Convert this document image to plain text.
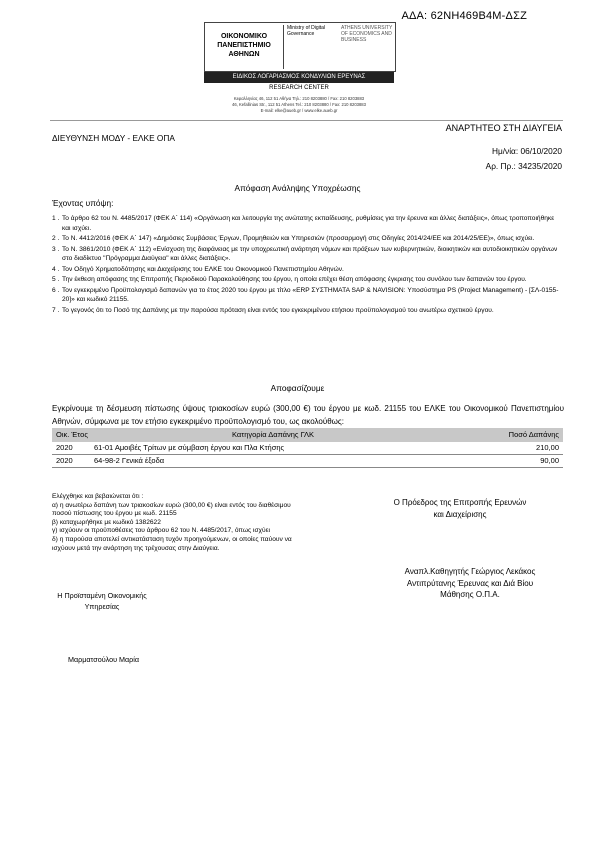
ΑΔΑ: 62ΝΗ469Β4Μ-ΔΣΖ
ΟΙΚΟΝΟΜΙΚΟ
ΠΑΝΕΠΙΣΤΗΜΙΟ
ΑΘΗΝΩΝ
Ministry of Digital Governance
ATHENS UNIVERSITY OF ECONOMICS AND BUSINESS
ΕΙΔΙΚΟΣ ΛΟΓΑΡΙΑΣΜΟΣ ΚΟΝΔΥΛΙΩΝ ΕΡΕΥΝΑΣ
RESEARCH CENTER
Κεφαλληνίας 46, 112 51 Αθήνα Τηλ.: 210 8203880 / Fax: 210 8203883
46, Kefallinias Str., 112 51 Athens Tel.: 210 8203880 / Fax: 210 8203883
E-mail: elke@aueb.gr / www.elke.aueb.gr
ΑΝΑΡΤΗΤΕΟ ΣΤΗ ΔΙΑΥΓΕΙΑ
ΔΙΕΥΘΥΝΣΗ ΜΟΔΥ - ΕΛΚΕ ΟΠΑ
Ημ/νία: 06/10/2020
Αρ. Πρ.: 34235/2020
Απόφαση Ανάληψης Υποχρέωσης
Έχοντας υπόψη:
1 . Το άρθρο 62 του Ν. 4485/2017 (ΦΕΚ Α΄ 114) «Οργάνωση και λειτουργία της ανώτατης εκπαίδευσης, ρυθμίσεις για την έρευνα και άλλες διατάξεις», όπως τροποποιήθηκε και ισχύει.
2 . Το Ν. 4412/2016 (ΦΕΚ Α΄ 147) «Δημόσιες Συμβάσεις Έργων, Προμηθειών και Υπηρεσιών (προσαρμογή στις Οδηγίες 2014/24/ΕΕ και 2014/25/ΕΕ)», όπως ισχύει.
3 . Το Ν. 3861/2010 (ΦΕΚ Α΄ 112) «Ενίσχυση της διαφάνειας με την υποχρεωτική ανάρτηση νόμων και πράξεων των κυβερνητικών, διοικητικών και αυτοδιοικητικών οργάνων στο διαδίκτυο "Πρόγραμμα Διαύγεια" και άλλες διατάξεις».
4 . Τον Οδηγό Χρηματοδότησης και Διαχείρισης του ΕΛΚΕ του Οικονομικού Πανεπιστημίου Αθηνών.
5 . Την έκθεση απόφασης της Επιτροπής Περιοδικού Παρακολούθησης του έργου, η οποία επέχει θέση απόφασης έγκρισης του συνόλου των δαπανών του έργου.
6 . Τον εγκεκριμένο Προϋπολογισμό δαπανών για το έτος 2020 του έργου με τίτλο «ERP ΣΥΣΤΗΜΑΤΑ SAP & NAVISION: Υποσύστημα PS (Project Management) - [ΣΛ-0155-20]» και κωδικό 21155.
7 . Το γεγονός ότι το Ποσό της Δαπάνης με την παρούσα πρόταση είναι εντός του εγκεκριμένου ετήσιου προϋπολογισμού του ανωτέρω σχετικού έργου.
Αποφασίζουμε
Εγκρίνουμε τη δέσμευση πίστωσης ύψους τριακοσίων ευρώ (300,00 €) του έργου με κωδ. 21155 του ΕΛΚΕ του Οικονομικού Πανεπιστημίου Αθηνών, σύμφωνα με τον ετήσιο εγκεκριμένο προϋπολογισμό του, ως ακολούθως:
Οικ. Έτος	Κατηγορία Δαπάνης ΓΛΚ	Ποσό Δαπάνης
2020	61-01 Αμοιβές Τρίτων με σύμβαση έργου και Πλα Κτήσης	210,00
2020	64-98-2 Γενικά έξοδα	90,00
Ελέγχθηκε και βεβαιώνεται ότι :
α) η ανωτέρω δαπάνη των τριακοσίων ευρώ (300,00 €) είναι εντός του διαθέσιμου
ποσού πίστωσης του έργου με κωδ. 21155
β) καταχωρήθηκε με κωδικό 1382622
γ) ισχύουν οι προϋποθέσεις του άρθρου 62 του Ν. 4485/2017, όπως ισχύει
δ) η παρούσα αποτελεί αντικατάσταση τυχόν προηγούμενων, οι οποίες παύουν να
ισχύουν μετά την ανάρτηση της τρέχουσας στην Διαύγεια.
Ο Πρόεδρος της Επιτροπής Ερευνών
και Διαχείρισης
Αναπλ.Καθηγητής Γεώργιος Λεκάκος
Αντιπρύτανης Έρευνας και Διά Βίου
Μάθησης Ο.Π.Α.
Η Προϊσταμένη Οικονομικής
Υπηρεσίας
Μαρματσούλου Μαρία
